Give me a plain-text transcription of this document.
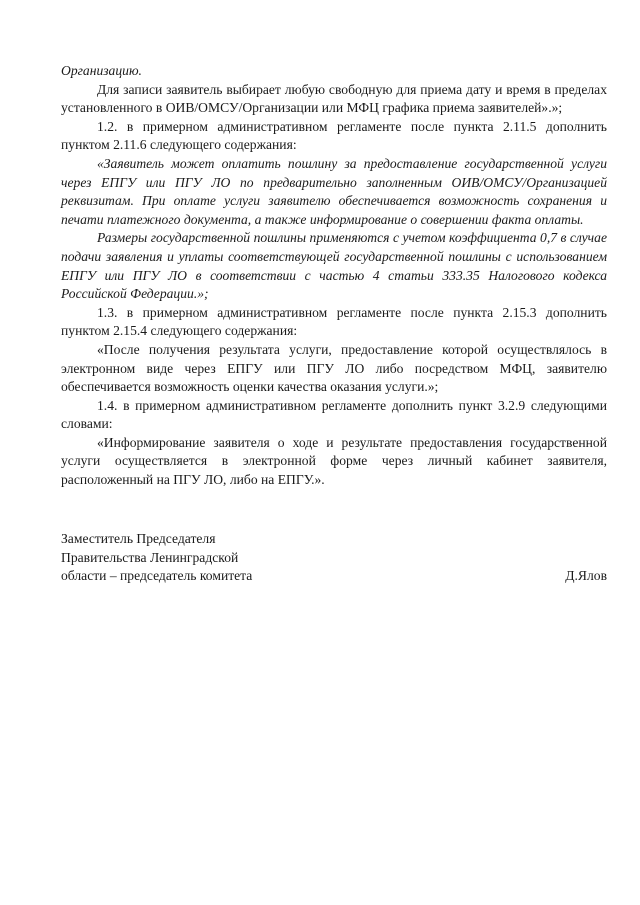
Организацию.

Для записи заявитель выбирает любую свободную для приема дату и время в пределах установленного в ОИВ/ОМСУ/Организации или МФЦ графика приема заявителей».»;

1.2. в примерном административном регламенте после пункта 2.11.5 дополнить пунктом 2.11.6 следующего содержания:

«Заявитель может оплатить пошлину за предоставление государственной услуги через ЕПГУ или ПГУ ЛО по предварительно заполненным ОИВ/ОМСУ/Организацией реквизитам. При оплате услуги заявителю обеспечивается возможность сохранения и печати платежного документа, а также информирование о совершении факта оплаты.

Размеры государственной пошлины применяются с учетом коэффициента 0,7 в случае подачи заявления и уплаты соответствующей государственной пошлины с использованием ЕПГУ или ПГУ ЛО в соответствии с частью 4 статьи 333.35 Налогового кодекса Российской Федерации.»;

1.3. в примерном административном регламенте после пункта 2.15.3 дополнить пунктом 2.15.4 следующего содержания:

«После получения результата услуги, предоставление которой осуществлялось в электронном виде через ЕПГУ или ПГУ ЛО либо посредством МФЦ, заявителю обеспечивается возможность оценки качества оказания услуги.»;

1.4. в примерном административном регламенте дополнить пункт 3.2.9 следующими словами:

«Информирование заявителя о ходе и результате предоставления государственной услуги осуществляется в электронной форме через личный кабинет заявителя, расположенный на ПГУ ЛО, либо на ЕПГУ.».

Заместитель Председателя

Правительства Ленинградской

области – председатель комитета	Д.Ялов
